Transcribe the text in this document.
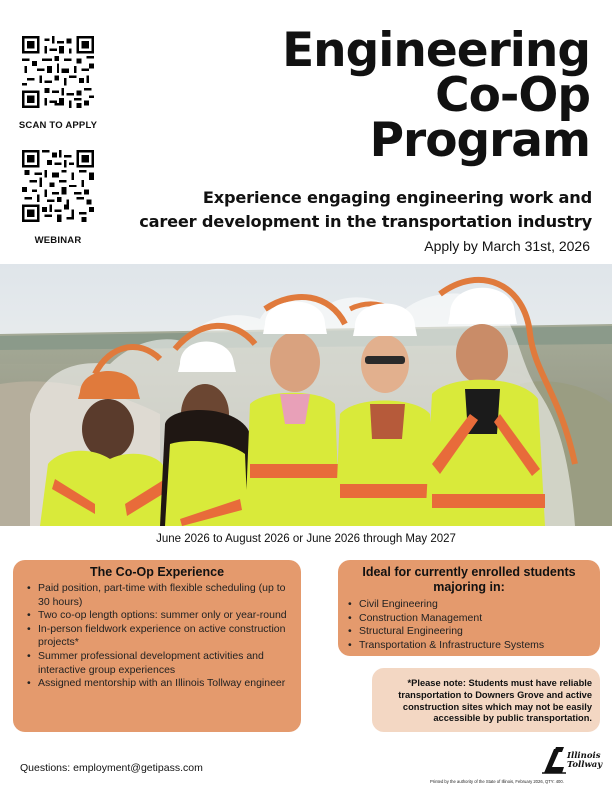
SCAN TO APPLY
WEBINAR
Engineering
Co-Op
Program
Experience engaging engineering work and
career development in the transportation industry
Apply by March 31st, 2026
June 2026 to August 2026 or June 2026 through May 2027
The Co-Op Experience
• Paid position, part-time with flexible scheduling (up to 30 hours)
• Two co-op length options: summer only or year-round
• In-person fieldwork experience on active construction projects*
• Summer professional development activities and interactive group experiences
• Assigned mentorship with an Illinois Tollway engineer
Ideal for currently enrolled students
majoring in:
• Civil Engineering
• Construction Management
• Structural Engineering
• Transportation & Infrastructure Systems
*Please note: Students must have reliable transportation to Downers Grove and active construction sites which may not be easily accessible by public transportation.
Questions: employment@getipass.com
Illinois
Tollway
Printed by the authority of the State of Illinois, February 2026, QTY: 400.
